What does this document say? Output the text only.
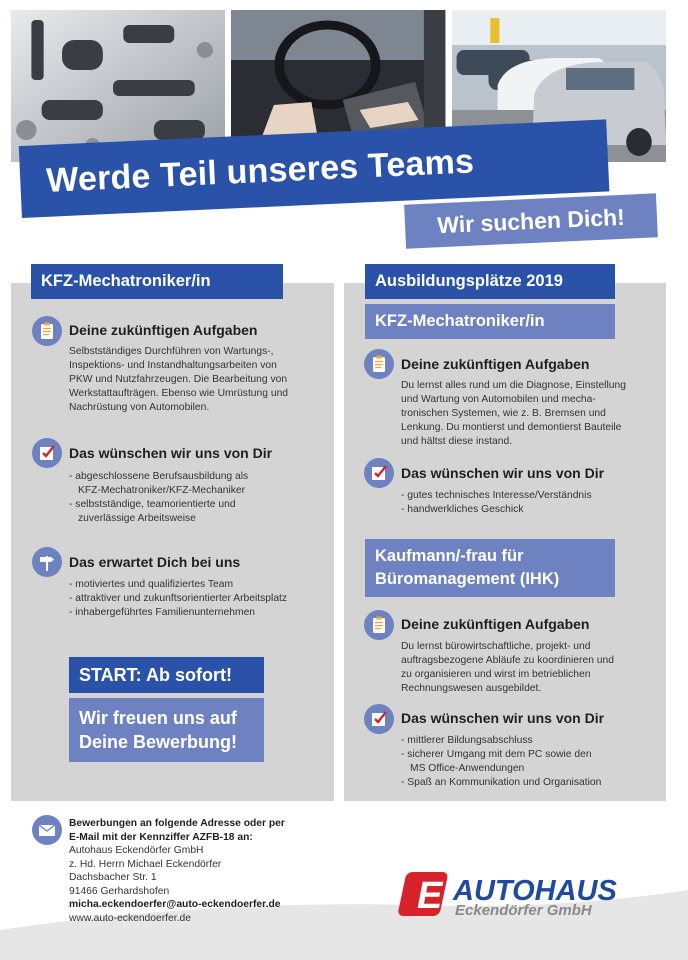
Werde Teil unseres Teams
Wir suchen Dich!
KFZ-Mechatroniker/in
Deine zukünftigen Aufgaben
Selbstständiges Durchführen von Wartungs-,
Inspektions- und Instandhaltungsarbeiten von
PKW und Nutzfahrzeugen. Die Bearbeitung von
Werkstattaufträgen. Ebenso wie Umrüstung und
Nachrüstung von Automobilen.
Das wünschen wir uns von Dir
- abgeschlossene Berufsausbildung als
KFZ-Mechatroniker/KFZ-Mechaniker
- selbstständige, teamorientierte und
zuverlässige Arbeitsweise
Das erwartet Dich bei uns
- motiviertes und qualifiziertes Team
- attraktiver und zukunftsorientierter Arbeitsplatz
- inhabergeführtes Familienunternehmen
START: Ab sofort!
Wir freuen uns auf
Deine Bewerbung!
Ausbildungsplätze 2019
KFZ-Mechatroniker/in
Deine zukünftigen Aufgaben
Du lernst alles rund um die Diagnose, Einstellung
und Wartung von Automobilen und mecha-
tronischen Systemen, wie z. B. Bremsen und
Lenkung. Du montierst und demontierst Bauteile
und hältst diese instand.
Das wünschen wir uns von Dir
- gutes technisches Interesse/Verständnis
- handwerkliches Geschick
Kaufmann/-frau für
Büromanagement (IHK)
Deine zukünftigen Aufgaben
Du lernst bürowirtschaftliche, projekt- und
auftragsbezogene Abläufe zu koordinieren und
zu organisieren und wirst im betrieblichen
Rechnungswesen ausgebildet.
Das wünschen wir uns von Dir
- mittlerer Bildungsabschluss
- sicherer Umgang mit dem PC sowie den
MS Office-Anwendungen
- Spaß an Kommunikation und Organisation
Bewerbungen an folgende Adresse oder per
E-Mail mit der Kennziffer AZFB-18 an:
Autohaus Eckendörfer GmbH
z. Hd. Herrn Michael Eckendörfer
Dachsbacher Str. 1
91466 Gerhardshofen
micha.eckendoerfer@auto-eckendoerfer.de
www.auto-eckendoerfer.de
E AUTOHAUS
Eckendörfer GmbH
